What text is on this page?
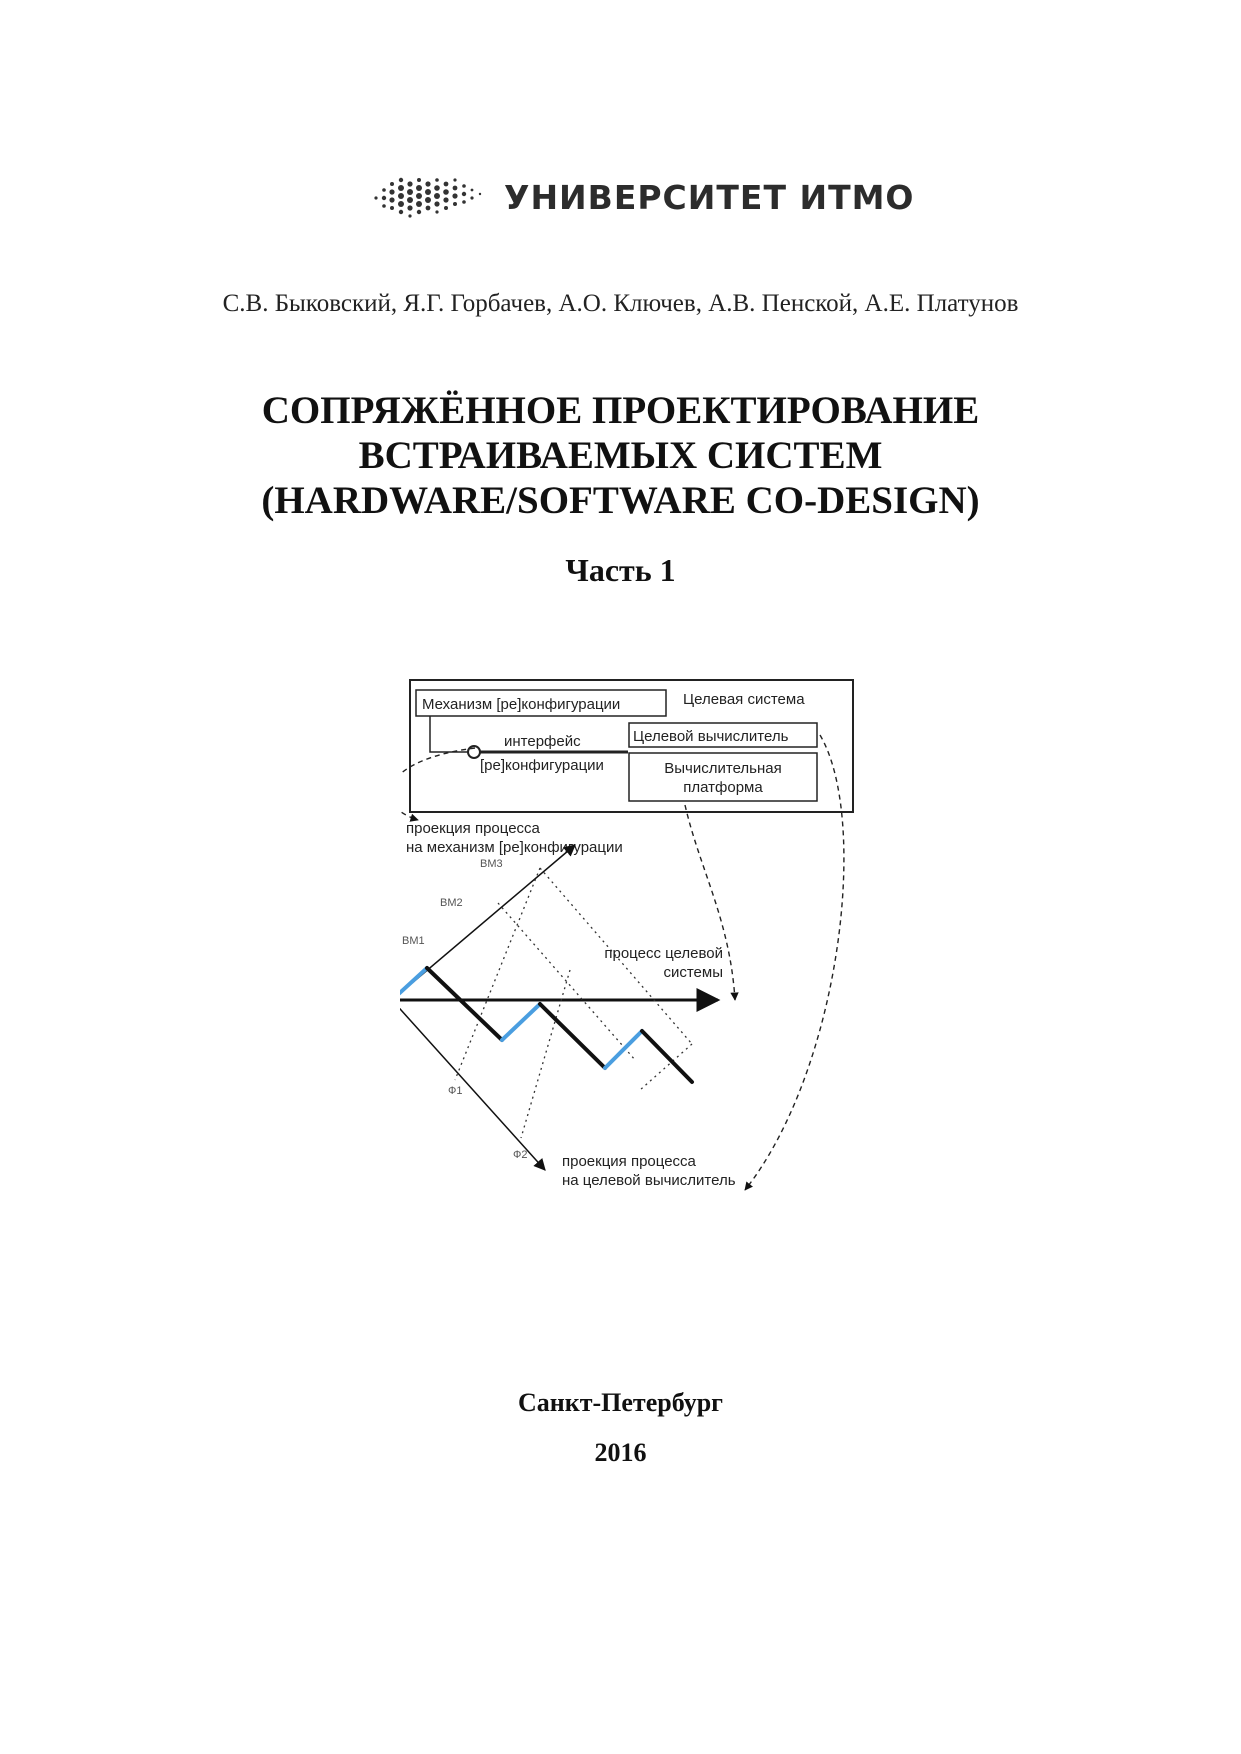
УНИВЕРСИТЕТ ИТМО
С.В. Быковский, Я.Г. Горбачев, А.О. Ключев, А.В. Пенской, А.Е. Платунов
СОПРЯЖЁННОЕ ПРОЕКТИРОВАНИЕ
ВСТРАИВАЕМЫХ СИСТЕМ
(HARDWARE/SOFTWARE CO-DESIGN)
Часть 1
Целевая система
Механизм [ре]конфигурации
интерфейс
[ре]конфигурации
Целевой вычислитель
Вычислительная
платформа
проекция процесса
на механизм [ре]конфигурации
ВМ3
ВМ2
ВМ1
Ф1
Ф2
процесс целевой
системы
проекция процесса
на целевой вычислитель
Санкт-Петербург
2016
